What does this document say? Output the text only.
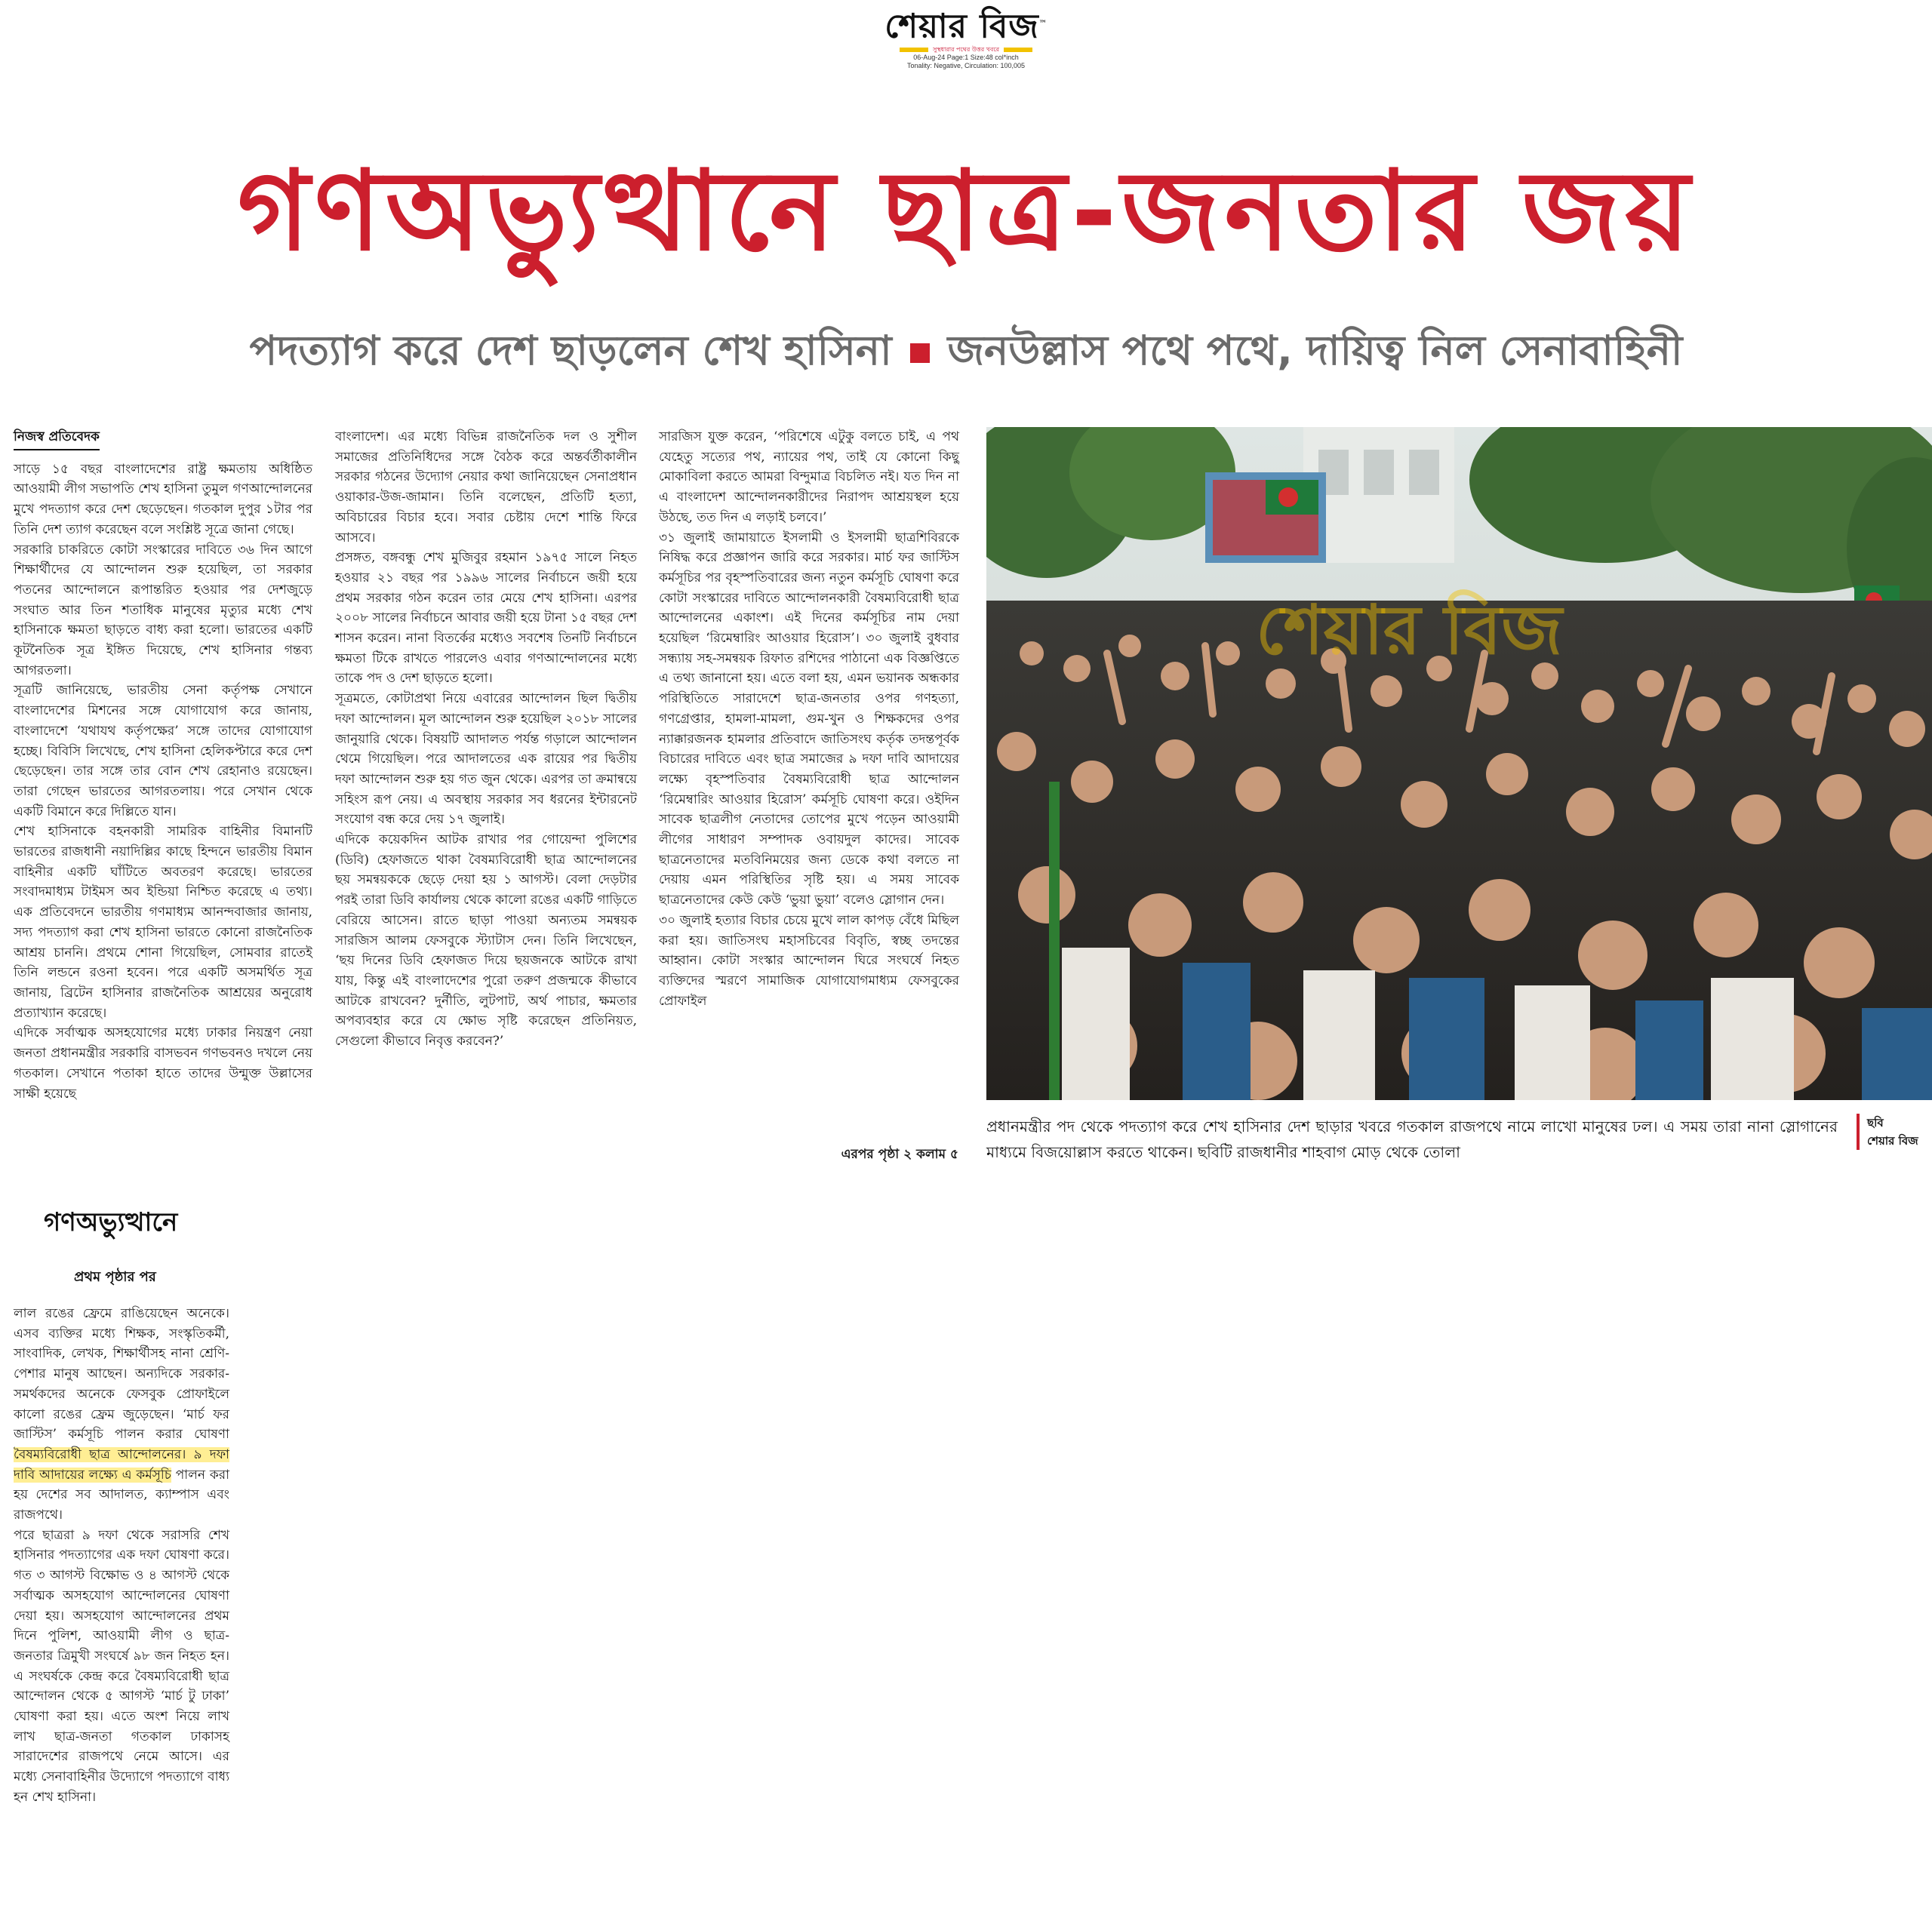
শেয়ার বিজ™
সুস্থধারার পথের উত্তর খবরে
06-Aug-24 Page:1 Size:48 col*inch
Tonality: Negative, Circulation: 100,005
গণঅভ্যুত্থানে ছাত্র-জনতার জয়
পদত্যাগ করে দেশ ছাড়লেন শেখ হাসিনা জনউল্লাস পথে পথে, দায়িত্ব নিল সেনাবাহিনী
নিজস্ব প্রতিবেদক

সাড়ে ১৫ বছর বাংলাদেশের রাষ্ট্র ক্ষমতায় অধিষ্ঠিত আওয়ামী লীগ সভাপতি শেখ হাসিনা তুমুল গণআন্দোলনের মুখে পদত্যাগ করে দেশ ছেড়েছেন। গতকাল দুপুর ১টার পর তিনি দেশ ত্যাগ করেছেন বলে সংশ্লিষ্ট সূত্রে জানা গেছে।

সরকারি চাকরিতে কোটা সংস্কারের দাবিতে ৩৬ দিন আগে শিক্ষার্থীদের যে আন্দোলন শুরু হয়েছিল, তা সরকার পতনের আন্দোলনে রূপান্তরিত হওয়ার পর দেশজুড়ে সংঘাত আর তিন শতাধিক মানুষের মৃত্যুর মধ্যে শেখ হাসিনাকে ক্ষমতা ছাড়তে বাধ্য করা হলো। ভারতের একটি কূটনৈতিক সূত্র ইঙ্গিত দিয়েছে, শেখ হাসিনার গন্তব্য আগরতলা।

সূত্রটি জানিয়েছে, ভারতীয় সেনা কর্তৃপক্ষ সেখানে বাংলাদেশের মিশনের সঙ্গে যোগাযোগ করে জানায়, বাংলাদেশে ‘যথাযথ কর্তৃপক্ষের’ সঙ্গে তাদের যোগাযোগ হচ্ছে। বিবিসি লিখেছে, শেখ হাসিনা হেলিকপ্টারে করে দেশ ছেড়েছেন। তার সঙ্গে তার বোন শেখ রেহানাও রয়েছেন। তারা গেছেন ভারতের আগরতলায়। পরে সেখান থেকে একটি বিমানে করে দিল্লিতে যান।

শেখ হাসিনাকে বহনকারী সামরিক বাহিনীর বিমানটি ভারতের রাজধানী নয়াদিল্লির কাছে হিন্দনে ভারতীয় বিমান বাহিনীর একটি ঘাঁটিতে অবতরণ করেছে। ভারতের সংবাদমাধ্যম টাইমস অব ইন্ডিয়া নিশ্চিত করেছে এ তথ্য। এক প্রতিবেদনে ভারতীয় গণমাধ্যম আনন্দবাজার জানায়, সদ্য পদত্যাগ করা শেখ হাসিনা ভারতে কোনো রাজনৈতিক আশ্রয় চাননি। প্রথমে শোনা গিয়েছিল, সোমবার রাতেই তিনি লন্ডনে রওনা হবেন। পরে একটি অসমর্থিত সূত্র জানায়, ব্রিটেন হাসিনার রাজনৈতিক আশ্রয়ের অনুরোধ প্রত্যাখ্যান করেছে।

এদিকে সর্বাত্মক অসহযোগের মধ্যে ঢাকার নিয়ন্ত্রণ নেয়া জনতা প্রধানমন্ত্রীর সরকারি বাসভবন গণভবনও দখলে নেয় গতকাল। সেখানে পতাকা হাতে তাদের উন্মুক্ত উল্লাসের সাক্ষী হয়েছে

বাংলাদেশ। এর মধ্যে বিভিন্ন রাজনৈতিক দল ও সুশীল সমাজের প্রতিনিধিদের সঙ্গে বৈঠক করে অন্তর্বর্তীকালীন সরকার গঠনের উদ্যোগ নেয়ার কথা জানিয়েছেন সেনাপ্রধান ওয়াকার-উজ-জামান। তিনি বলেছেন, প্রতিটি হত্যা, অবিচারের বিচার হবে। সবার চেষ্টায় দেশে শান্তি ফিরে আসবে।

প্রসঙ্গত, বঙ্গবন্ধু শেখ মুজিবুর রহমান ১৯৭৫ সালে নিহত হওয়ার ২১ বছর পর ১৯৯৬ সালের নির্বাচনে জয়ী হয়ে প্রথম সরকার গঠন করেন তার মেয়ে শেখ হাসিনা। এরপর ২০০৮ সালের নির্বাচনে আবার জয়ী হয়ে টানা ১৫ বছর দেশ শাসন করেন। নানা বিতর্কের মধ্যেও সবশেষ তিনটি নির্বাচনে ক্ষমতা টিকে রাখতে পারলেও এবার গণআন্দোলনের মধ্যে তাকে পদ ও দেশ ছাড়তে হলো।

সূত্রমতে, কোটাপ্রথা নিয়ে এবারের আন্দোলন ছিল দ্বিতীয় দফা আন্দোলন। মূল আন্দোলন শুরু হয়েছিল ২০১৮ সালের জানুয়ারি থেকে। বিষয়টি আদালত পর্যন্ত গড়ালে আন্দোলন থেমে গিয়েছিল। পরে আদালতের এক রায়ের পর দ্বিতীয় দফা আন্দোলন শুরু হয় গত জুন থেকে। এরপর তা ক্রমান্বয়ে সহিংস রূপ নেয়। এ অবস্থায় সরকার সব ধরনের ইন্টারনেট সংযোগ বন্ধ করে দেয় ১৭ জুলাই।

এদিকে কয়েকদিন আটক রাখার পর গোয়েন্দা পুলিশের (ডিবি) হেফাজতে থাকা বৈষম্যবিরোধী ছাত্র আন্দোলনের ছয় সমন্বয়ককে ছেড়ে দেয়া হয় ১ আগস্ট। বেলা দেড়টার পরই তারা ডিবি কার্যালয় থেকে কালো রঙের একটি গাড়িতে বেরিয়ে আসেন। রাতে ছাড়া পাওয়া অন্যতম সমন্বয়ক সারজিস আলম ফেসবুকে স্ট্যাটাস দেন। তিনি লিখেছেন, ‘ছয় দিনের ডিবি হেফাজত দিয়ে ছয়জনকে আটকে রাখা যায়, কিন্তু এই বাংলাদেশের পুরো তরুণ প্রজন্মকে কীভাবে আটকে রাখবেন? দুর্নীতি, লুটপাট, অর্থ পাচার, ক্ষমতার অপব্যবহার করে যে ক্ষোভ সৃষ্টি করেছেন প্রতিনিয়ত, সেগুলো কীভাবে নিবৃত্ত করবেন?’

সারজিস যুক্ত করেন, ‘পরিশেষে এটুকু বলতে চাই, এ পথ যেহেতু সত্যের পথ, ন্যায়ের পথ, তাই যে কোনো কিছু মোকাবিলা করতে আমরা বিন্দুমাত্র বিচলিত নই। যত দিন না এ বাংলাদেশ আন্দোলনকারীদের নিরাপদ আশ্রয়স্থল হয়ে উঠছে, তত দিন এ লড়াই চলবে।’

৩১ জুলাই জামায়াতে ইসলামী ও ইসলামী ছাত্রশিবিরকে নিষিদ্ধ করে প্রজ্ঞাপন জারি করে সরকার। মার্চ ফর জাস্টিস কর্মসূচির পর বৃহস্পতিবারের জন্য নতুন কর্মসূচি ঘোষণা করে কোটা সংস্কারের দাবিতে আন্দোলনকারী বৈষম্যবিরোধী ছাত্র আন্দোলনের একাংশ। এই দিনের কর্মসূচির নাম দেয়া হয়েছিল ‘রিমেম্বারিং আওয়ার হিরোস’। ৩০ জুলাই বুধবার সন্ধ্যায় সহ-সমন্বয়ক রিফাত রশিদের পাঠানো এক বিজ্ঞপ্তিতে এ তথ্য জানানো হয়। এতে বলা হয়, এমন ভয়ানক অন্ধকার পরিস্থিতিতে সারাদেশে ছাত্র-জনতার ওপর গণহত্যা, গণগ্রেপ্তার, হামলা-মামলা, গুম-খুন ও শিক্ষকদের ওপর ন্যাক্কারজনক হামলার প্রতিবাদে জাতিসংঘ কর্তৃক তদন্তপূর্বক বিচারের দাবিতে এবং ছাত্র সমাজের ৯ দফা দাবি আদায়ের লক্ষ্যে বৃহস্পতিবার বৈষম্যবিরোধী ছাত্র আন্দোলন ‘রিমেম্বারিং আওয়ার হিরোস’ কর্মসূচি ঘোষণা করে। ওইদিন সাবেক ছাত্রলীগ নেতাদের তোপের মুখে পড়েন আওয়ামী লীগের সাধারণ সম্পাদক ওবায়দুল কাদের। সাবেক ছাত্রনেতাদের মতবিনিময়ের জন্য ডেকে কথা বলতে না দেয়ায় এমন পরিস্থিতির সৃষ্টি হয়। এ সময় সাবেক ছাত্রনেতাদের কেউ কেউ ‘ভুয়া ভুয়া’ বলেও স্লোগান দেন।

৩০ জুলাই হত্যার বিচার চেয়ে মুখে লাল কাপড় বেঁধে মিছিল করা হয়। জাতিসংঘ মহাসচিবের বিবৃতি, স্বচ্ছ তদন্তের আহ্বান। কোটা সংস্কার আন্দোলন ঘিরে সংঘর্ষে নিহত ব্যক্তিদের স্মরণে সামাজিক যোগাযোগমাধ্যম ফেসবুকের প্রোফাইল

এরপর পৃষ্ঠা ২ কলাম ৫
শেয়ার বিজ
প্রধানমন্ত্রীর পদ থেকে পদত্যাগ করে শেখ হাসিনার দেশ ছাড়ার খবরে গতকাল রাজপথে নামে লাখো মানুষের ঢল। এ সময় তারা নানা স্লোগানের মাধ্যমে বিজয়োল্লাস করতে থাকেন। ছবিটি রাজধানীর শাহবাগ মোড় থেকে তোলা
ছবি
শেয়ার বিজ
গণঅভ্যুত্থানে
প্রথম পৃষ্ঠার পর

লাল রঙের ফ্রেমে রাঙিয়েছেন অনেকে। এসব ব্যক্তির মধ্যে শিক্ষক, সংস্কৃতিকর্মী, সাংবাদিক, লেখক, শিক্ষার্থীসহ নানা শ্রেণি-পেশার মানুষ আছেন। অন্যদিকে সরকার-সমর্থকদের অনেকে ফেসবুক প্রোফাইলে কালো রঙের ফ্রেম জুড়েছেন। ‘মার্চ ফর জাস্টিস’ কর্মসূচি পালন করার ঘোষণা বৈষম্যবিরোধী ছাত্র আন্দোলনের। ৯ দফা দাবি আদায়ের লক্ষ্যে এ কর্মসূচি পালন করা হয় দেশের সব আদালত, ক্যাম্পাস এবং রাজপথে।

পরে ছাত্ররা ৯ দফা থেকে সরাসরি শেখ হাসিনার পদত্যাগের এক দফা ঘোষণা করে। গত ৩ আগস্ট বিক্ষোভ ও ৪ আগস্ট থেকে সর্বাত্মক অসহযোগ আন্দোলনের ঘোষণা দেয়া হয়। অসহযোগ আন্দোলনের প্রথম দিনে পুলিশ, আওয়ামী লীগ ও ছাত্র-জনতার ত্রিমুখী সংঘর্ষে ৯৮ জন নিহত হন। এ সংঘর্ষকে কেন্দ্র করে বৈষম্যবিরোধী ছাত্র আন্দোলন থেকে ৫ আগস্ট ‘মার্চ টু ঢাকা’ ঘোষণা করা হয়। এতে অংশ নিয়ে লাখ লাখ ছাত্র-জনতা গতকাল ঢাকাসহ সারাদেশের রাজপথে নেমে আসে। এর মধ্যে সেনাবাহিনীর উদ্যোগে পদত্যাগে বাধ্য হন শেখ হাসিনা।
